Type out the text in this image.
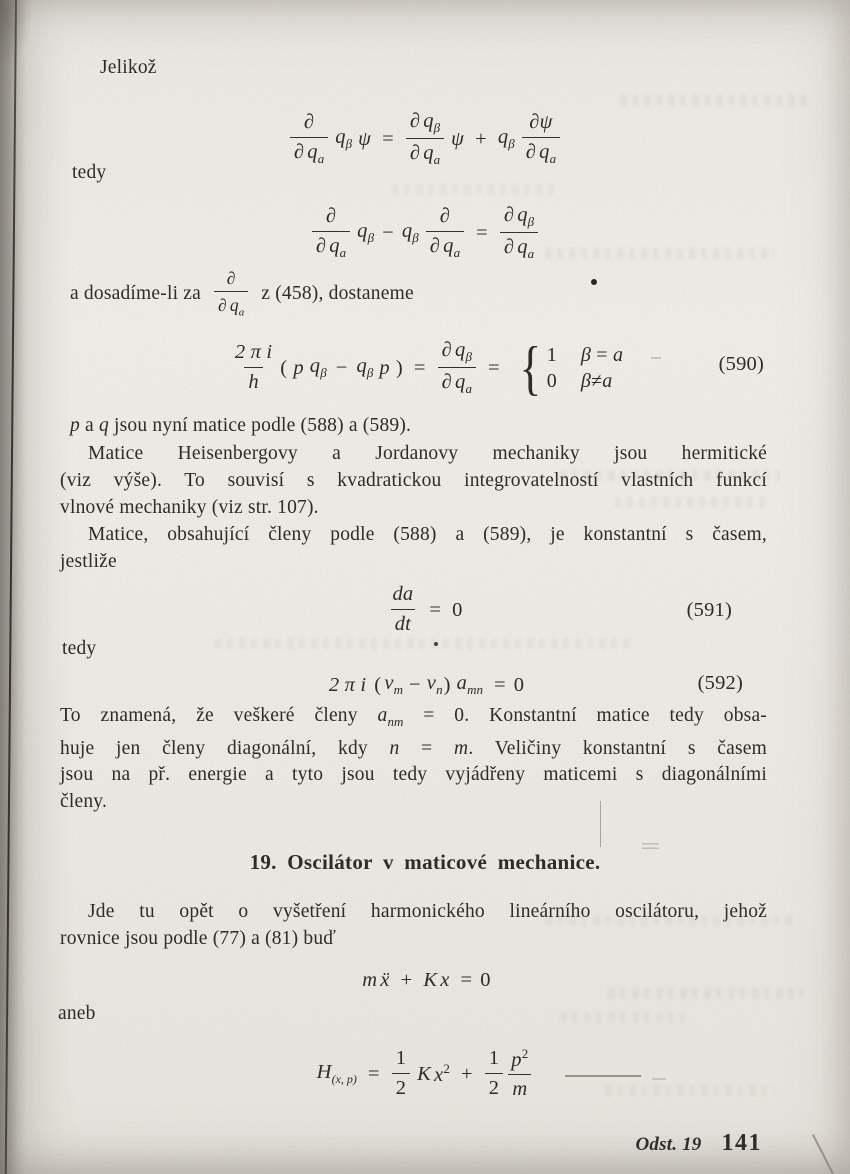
Jelikož
∂
∂ $q_a$
$q_\beta$ $\psi = \frac{\partial q_\beta}{\partial q_a}$ $\psi + q_\beta$
∂ψ
∂ $q_a$
tedy
∂
∂ $q_a$
$q_\beta - q_\beta$
∂
∂ $q_a$
= $\frac{\partial q_\beta}{\partial q_a}$
a dosadíme-li za
∂
∂ $q_a$
z (458), dostaneme
2 π i
h
( p $q_\beta - q_\beta$ p ) = $\frac{\partial q_\beta}{\partial q_a}$ = { 1 β = a
0 β≠a
(590)
p a q jsou nyní matice podle (588) a (589).
Matice Heisenbergovy a Jordanovy mechaniky jsou hermitické
(viz výše). To souvisí s kvadratickou integrovatelností vlastních funkcí
vlnové mechaniky (viz str. 107).
Matice, obsahující členy podle (588) a (589), je konstantní s časem,
jestliže
$\frac{da}{dt} = 0$	(591)
tedy
2 π i ( $\nu_m - \nu_n$ ) $a_{mn} = 0$	(592)
To znamená, že veškeré členy $a_{nm} = 0$. Konstantní matice tedy obsa-
huje jen členy diagonální, kdy n = m. Veličiny konstantní s časem
jsou na př. energie a tyto jsou tedy vyjádřeny maticemi s diagonálními
členy.
19. Oscilátor v maticové mechanice.
Jde tu opět o vyšetření harmonického lineárního oscilátoru, jehož
rovnice jsou podle (77) a (81) buď
m ẍ + K x = 0
aneb
$H_{(x, p)} = \frac{1}{2}$ K $x^2 + \frac{1}{2} p^2$
m
Odst. 19 141
